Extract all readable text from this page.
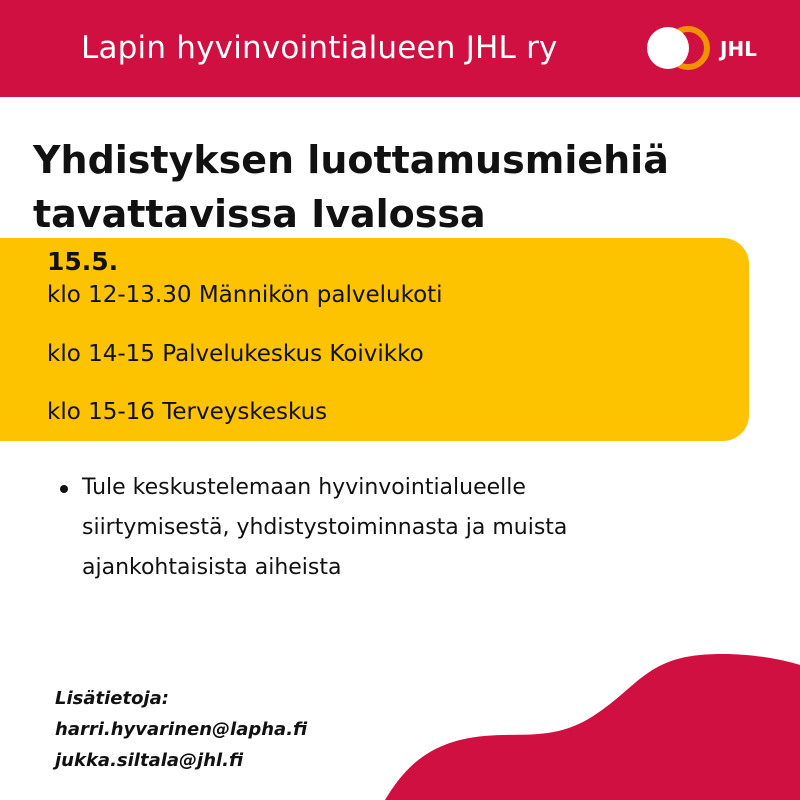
Lapin hyvinvointialueen JHL ry	JHL
Yhdistyksen luottamusmiehiä
tavattavissa Ivalossa
15.5.
klo 12-13.30 Männikön palvelukoti
klo 14-15 Palvelukeskus Koivikko
klo 15-16 Terveyskeskus
Tule keskustelemaan hyvinvointialueelle siirtymisestä, yhdistystoiminnasta ja muista ajankohtaisista aiheista
Lisätietoja:
harri.hyvarinen@lapha.fi
jukka.siltala@jhl.fi
